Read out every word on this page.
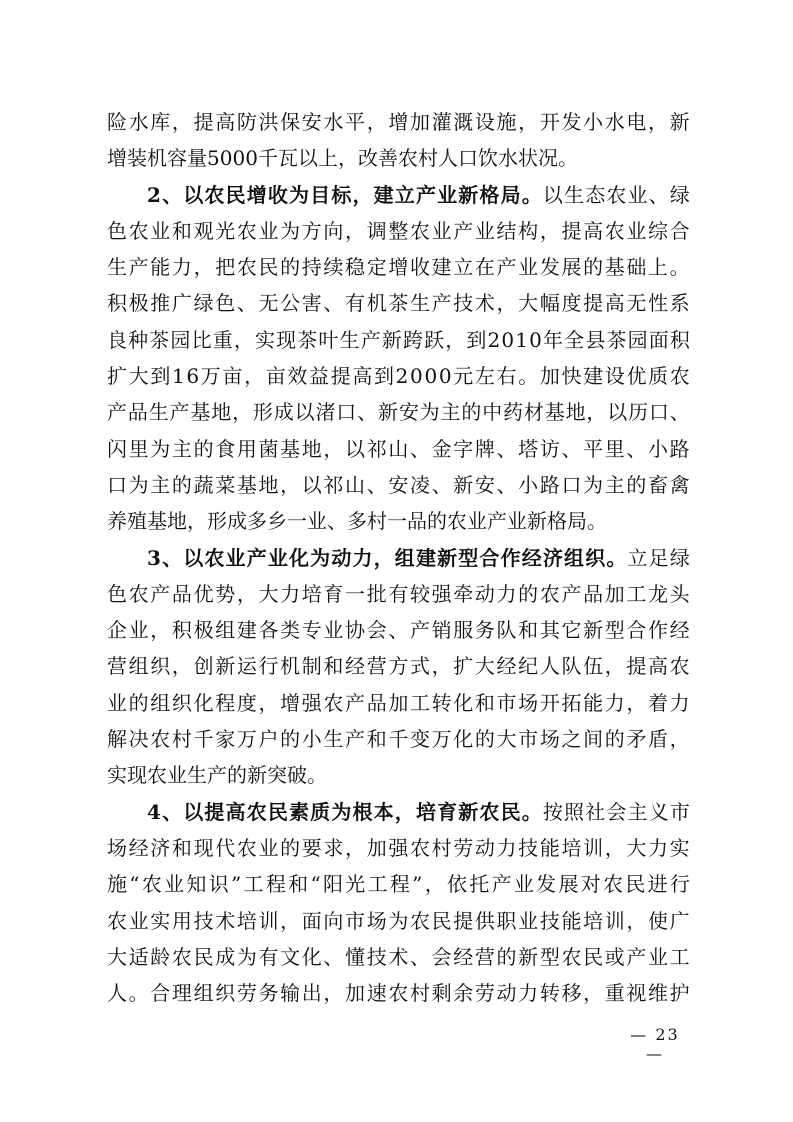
险 水 库 ， 提 高 防 洪 保 安 水 平 ， 增 加 灌 溉 设 施 ， 开 发 小 水 电 ， 新
增 装 机 容 量 5 0 0 0 千 瓦 以 上 ， 改 善 农 村 人 口 饮 水 状 况 。
2 、 以 农 民 增 收 为 目 标 ， 建 立 产 业 新 格 局 。 以 生 态 农 业 、 绿
色 农 业 和 观 光 农 业 为 方 向 ， 调 整 农 业 产 业 结 构 ， 提 高 农 业 综 合
生 产 能 力 ， 把 农 民 的 持 续 稳 定 增 收 建 立 在 产 业 发 展 的 基 础 上 。
积 极 推 广 绿 色 、 无 公 害 、 有 机 茶 生 产 技 术 ， 大 幅 度 提 高 无 性 系
良 种 茶 园 比 重 ， 实 现 茶 叶 生 产 新 跨 跃 ， 到 2 0 1 0 年 全 县 茶 园 面 积
扩 大 到 1 6 万 亩 ， 亩 效 益 提 高 到 2 0 0 0 元 左 右 。 加 快 建 设 优 质 农
产 品 生 产 基 地 ， 形 成 以 渚 口 、 新 安 为 主 的 中 药 材 基 地 ， 以 历 口 、
闪 里 为 主 的 食 用 菌 基 地 ， 以 祁 山 、 金 字 牌 、 塔 访 、 平 里 、 小 路
口 为 主 的 蔬 菜 基 地 ， 以 祁 山 、 安 凌 、 新 安 、 小 路 口 为 主 的 畜 禽
养 殖 基 地 ， 形 成 多 乡 一 业 、 多 村 一 品 的 农 业 产 业 新 格 局 。
3 、 以 农 业 产 业 化 为 动 力 ， 组 建 新 型 合 作 经 济 组 织 。 立 足 绿
色 农 产 品 优 势 ， 大 力 培 育 一 批 有 较 强 牵 动 力 的 农 产 品 加 工 龙 头
企 业 ， 积 极 组 建 各 类 专 业 协 会 、 产 销 服 务 队 和 其 它 新 型 合 作 经
营 组 织 ， 创 新 运 行 机 制 和 经 营 方 式 ， 扩 大 经 纪 人 队 伍 ， 提 高 农
业 的 组 织 化 程 度 ， 增 强 农 产 品 加 工 转 化 和 市 场 开 拓 能 力 ， 着 力
解 决 农 村 千 家 万 户 的 小 生 产 和 千 变 万 化 的 大 市 场 之 间 的 矛 盾 ，
实 现 农 业 生 产 的 新 突 破 。
4 、 以 提 高 农 民 素 质 为 根 本 ， 培 育 新 农 民 。 按 照 社 会 主 义 市
场 经 济 和 现 代 农 业 的 要 求 ， 加 强 农 村 劳 动 力 技 能 培 训 ， 大 力 实
施 “ 农 业 知 识 ” 工 程 和 “ 阳 光 工 程 ” ， 依 托 产 业 发 展 对 农 民 进 行
农 业 实 用 技 术 培 训 ， 面 向 市 场 为 农 民 提 供 职 业 技 能 培 训 ， 使 广
大 适 龄 农 民 成 为 有 文 化 、 懂 技 术 、 会 经 营 的 新 型 农 民 或 产 业 工
人 。 合 理 组 织 劳 务 输 出 ， 加 速 农 村 剩 余 劳 动 力 转 移 ， 重 视 维 护
— 23 —
